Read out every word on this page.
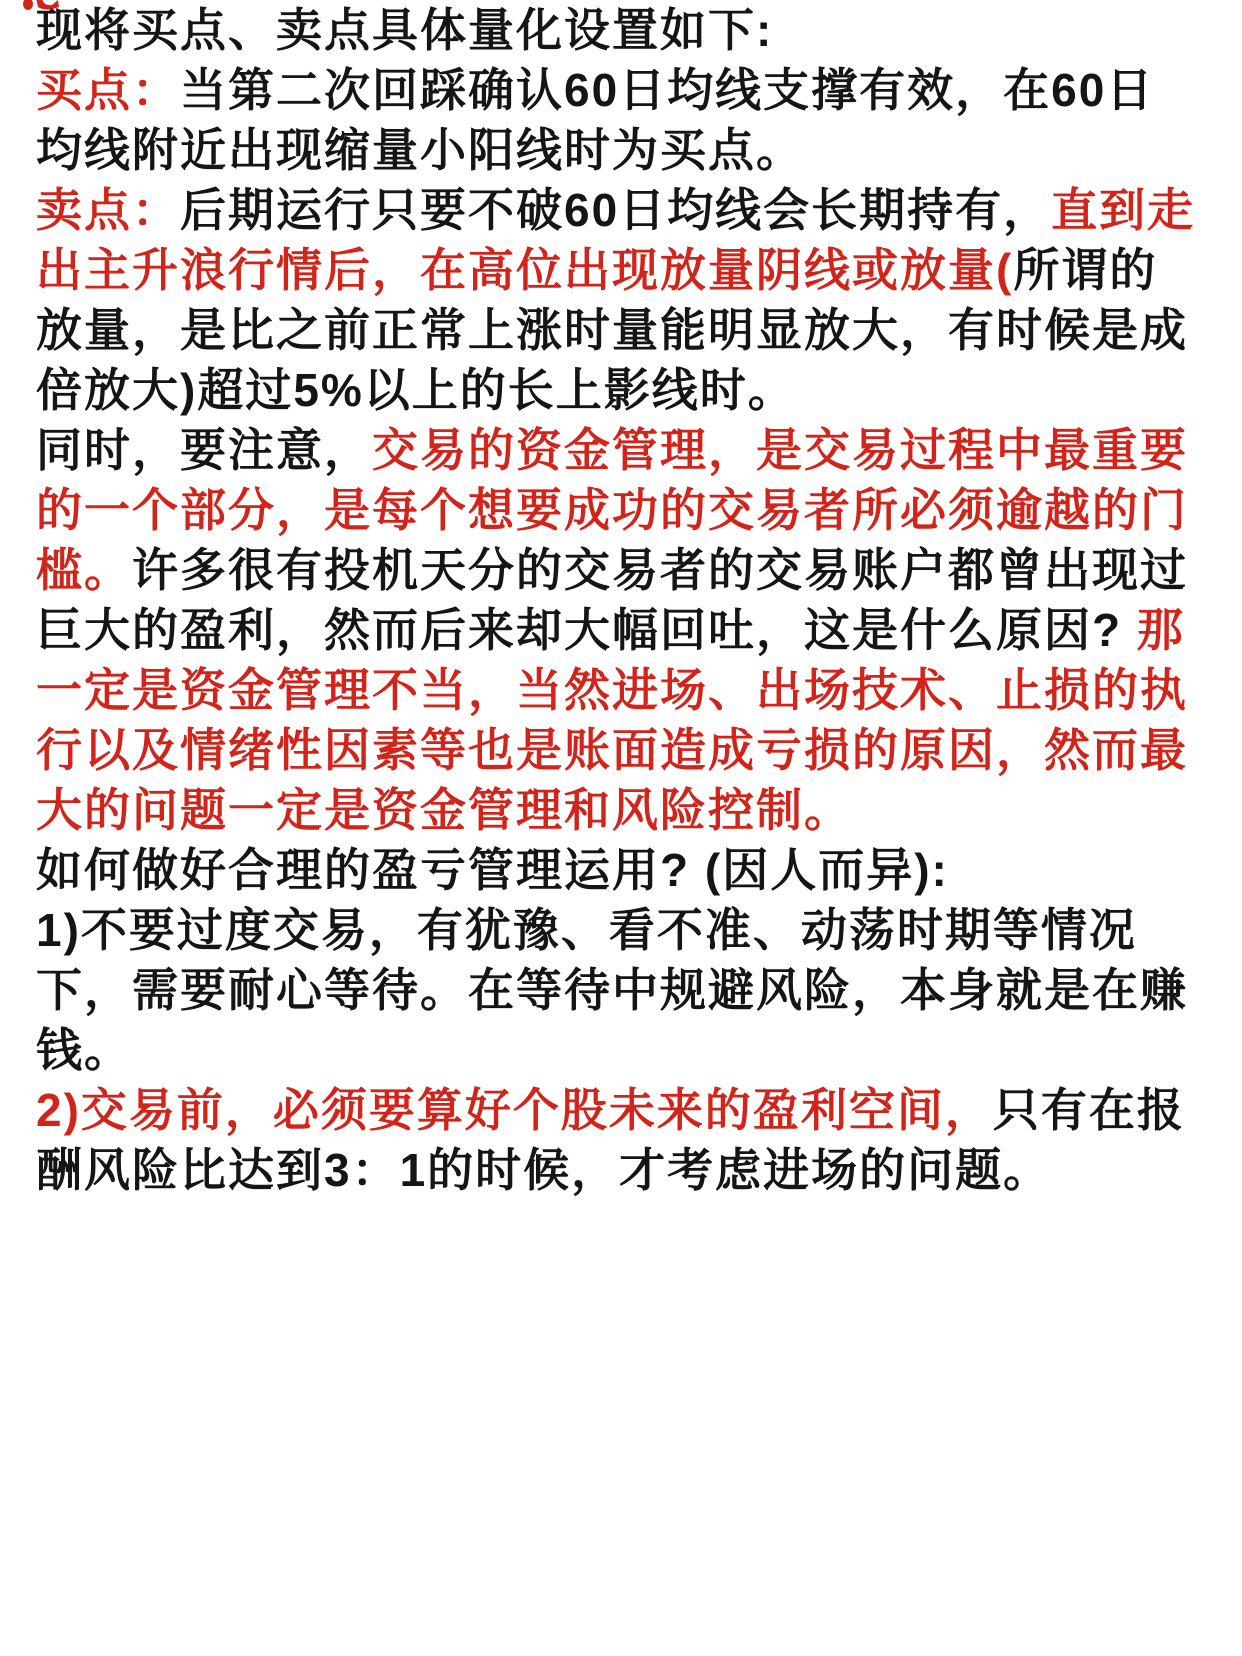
现将买点、卖点具体量化设置如下:

买点：当第二次回踩确认60日均线支撑有效，在60日均线附近出现缩量小阳线时为买点。

卖点：后期运行只要不破60日均线会长期持有，直到走出主升浪行情后，在高位出现放量阴线或放量(所谓的放量，是比之前正常上涨时量能明显放大，有时候是成倍放大)超过5%以上的长上影线时。

同时，要注意，交易的资金管理，是交易过程中最重要的一个部分，是每个想要成功的交易者所必须逾越的门槛。许多很有投机天分的交易者的交易账户都曾出现过巨大的盈利，然而后来却大幅回吐，这是什么原因? 那一定是资金管理不当，当然进场、出场技术、止损的执行以及情绪性因素等也是账面造成亏损的原因，然而最大的问题一定是资金管理和风险控制。

如何做好合理的盈亏管理运用? (因人而异):

1)不要过度交易，有犹豫、看不准、动荡时期等情况下，需要耐心等待。在等待中规避风险，本身就是在赚钱。

2)交易前，必须要算好个股未来的盈利空间，只有在报酬风险比达到3：1的时候，才考虑进场的问题。
